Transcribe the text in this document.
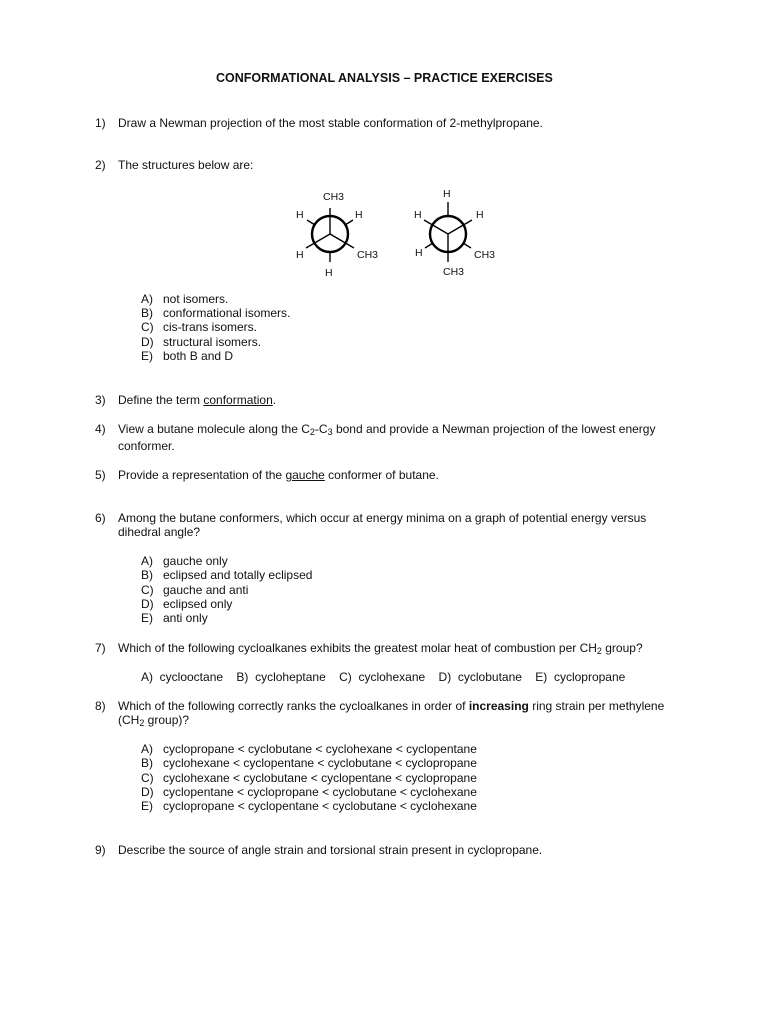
CONFORMATIONAL ANALYSIS – PRACTICE EXERCISES
1)	Draw a Newman projection of the most stable conformation of 2-methylpropane.
2)	The structures below are:
CH3
H	H
H	CH3
H
H
H	H
H	CH3
CH3
A) not isomers.
B) conformational isomers.
C) cis-trans isomers.
D) structural isomers.
E) both B and D
3)	Define the term conformation.
4)	View a butane molecule along the $C_2-C_3$ bond and provide a Newman projection of the lowest energy
conformer.
5)	Provide a representation of the gauche conformer of butane.
6)	Among the butane conformers, which occur at energy minima on a graph of potential energy versus
dihedral angle?
A) gauche only
B) eclipsed and totally eclipsed
C) gauche and anti
D) eclipsed only
E) anti only
7)	Which of the following cycloalkanes exhibits the greatest molar heat of combustion per $CH_2$ group?
A) cyclooctane B) cycloheptane C) cyclohexane D) cyclobutane E) cyclopropane
8)	Which of the following correctly ranks the cycloalkanes in order of increasing ring strain per methylene
($CH_2$ group)?
A) cyclopropane < cyclobutane < cyclohexane < cyclopentane
B) cyclohexane < cyclopentane < cyclobutane < cyclopropane
C) cyclohexane < cyclobutane < cyclopentane < cyclopropane
D) cyclopentane < cyclopropane < cyclobutane < cyclohexane
E) cyclopropane < cyclopentane < cyclobutane < cyclohexane
9)	Describe the source of angle strain and torsional strain present in cyclopropane.
